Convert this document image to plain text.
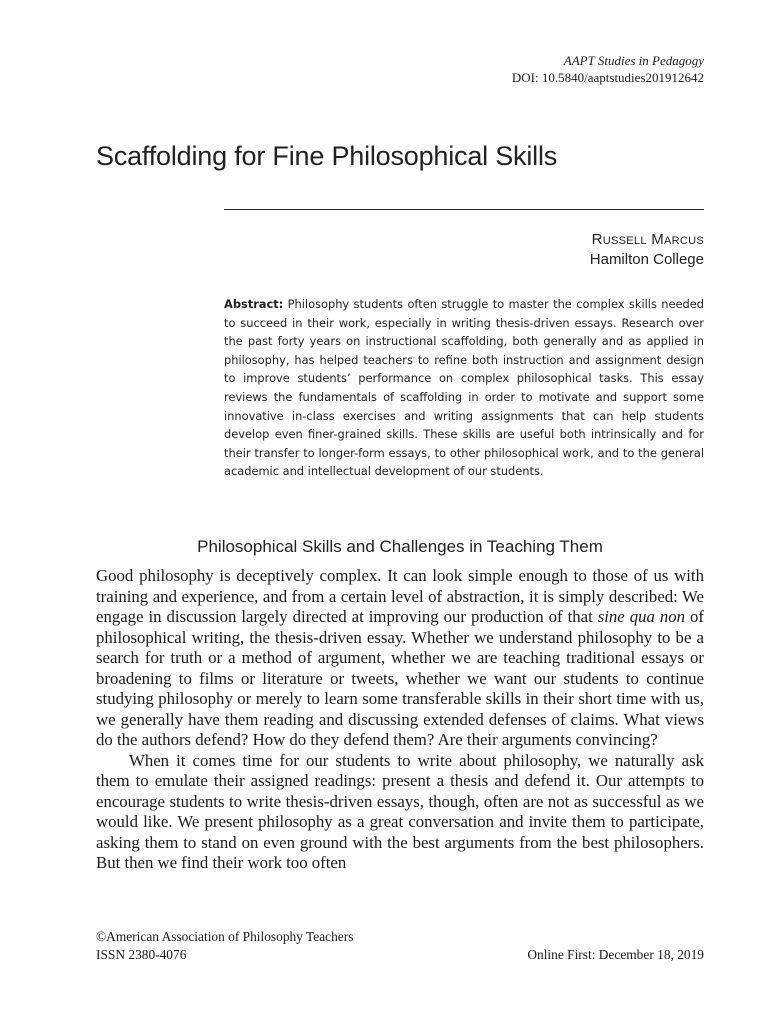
AAPT Studies in Pedagogy
DOI: 10.5840/aaptstudies201912642
Scaffolding for Fine Philosophical Skills
Russell Marcus
Hamilton College
Abstract: Philosophy students often struggle to master the complex skills needed to succeed in their work, especially in writing thesis-driven essays. Research over the past forty years on instructional scaffolding, both generally and as applied in philosophy, has helped teachers to refine both instruction and assignment design to improve students’ performance on complex philosophical tasks. This essay reviews the fundamentals of scaffolding in order to motivate and support some innovative in-class exercises and writing assignments that can help students develop even finer-grained skills. These skills are useful both intrinsically and for their transfer to longer-form essays, to other philosophical work, and to the general academic and intellectual development of our students.
Philosophical Skills and Challenges in Teaching Them

Good philosophy is deceptively complex. It can look simple enough to those of us with training and experience, and from a certain level of abstraction, it is simply described: We engage in discussion largely directed at improving our production of that sine qua non of philosophical writing, the thesis-driven essay. Whether we understand philosophy to be a search for truth or a method of argument, whether we are teaching traditional essays or broadening to films or literature or tweets, whether we want our students to continue studying philosophy or merely to learn some transferable skills in their short time with us, we generally have them reading and discussing extended defenses of claims. What views do the authors defend? How do they defend them? Are their arguments convincing?

When it comes time for our students to write about philosophy, we naturally ask them to emulate their assigned readings: present a thesis and defend it. Our attempts to encourage students to write thesis-driven essays, though, often are not as successful as we would like. We present philosophy as a great conversation and invite them to participate, asking them to stand on even ground with the best arguments from the best philosophers. But then we find their work too often

©American Association of Philosophy Teachers
ISSN 2380-4076	Online First: December 18, 2019
